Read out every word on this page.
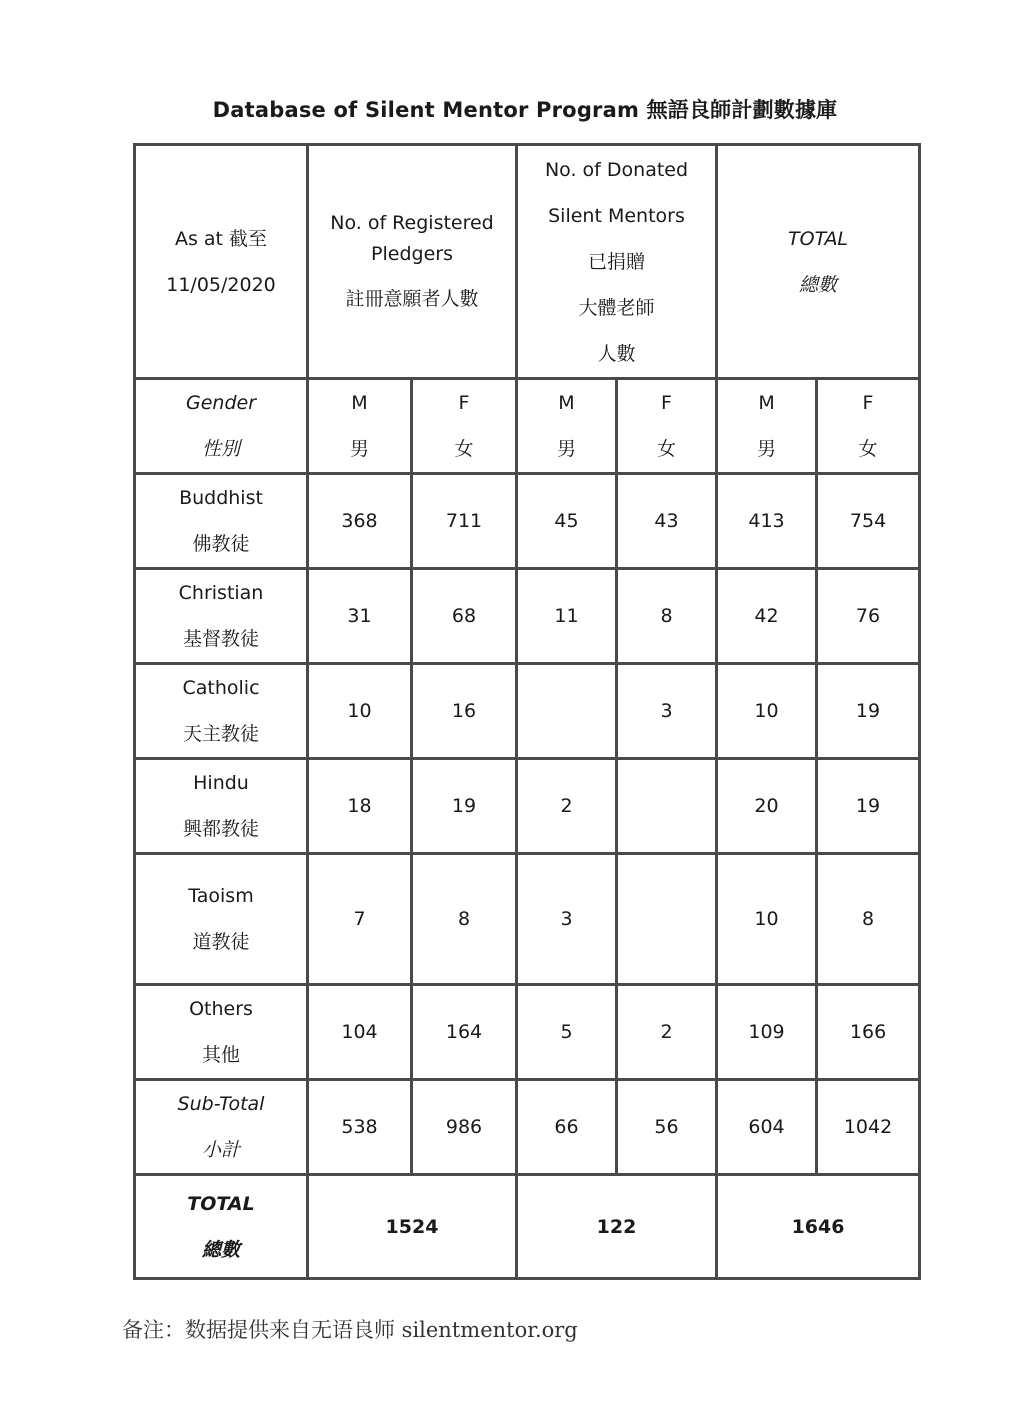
Database of Silent Mentor Program 無語良師計劃數據庫
As at 截至
11/05/2020	No. of Registered
Pledgers
註冊意願者人數		No. of Donated
Silent Mentors
已捐贈
大體老師
人數		TOTAL
總數	

Gender
性別	M
男	F
女	M
男	F
女	M
男	F
女

Buddhist
佛教徒	368	711	45	43	413	754

Christian
基督教徒	31	68	11	8	42	76

Catholic
天主教徒	10	16		3	10	19

Hindu
興都教徒	18	19	2		20	19

Taoism
道教徒	7	8	3		10	8

Others
其他	104	164	5	2	109	166

Sub-Total
小計	538	986	66	56	604	1042

TOTAL
總數	1524		122		1646	
备注：数据提供来自无语良师 silentmentor.org
